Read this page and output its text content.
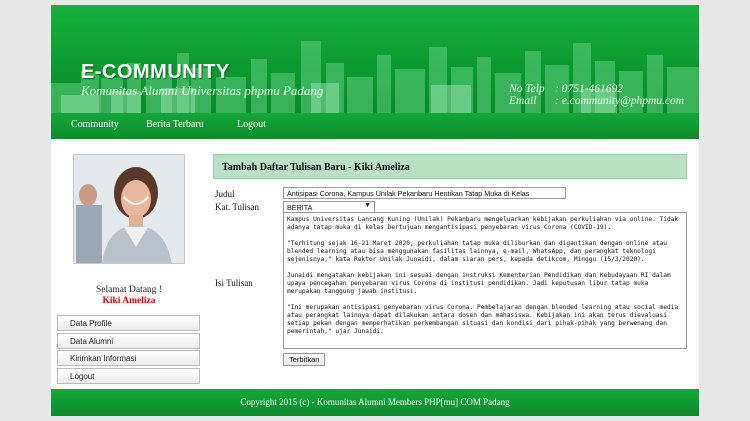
E-COMMUNITY
Komunitas Alumni Universitas phpmu Padang	No Telp : 0751-461692
Email : e.community@phpmu.com
Community	Berita Terbaru	Logout
Selamat Datang !
Kiki Ameliza
Data Profile
Data Alumni
Kirimkan Informasi
Logout
Tambah Daftar Tulisan Baru - Kiki Ameliza
Judul	Antisipasi Corona, Kampus Unilak Pekanbaru Hentikan Tatap Muka di Kelas
Kat. Tulisan	BERITA	▼
Isi Tulisan

Kampus Universitas Lancang Kuning (Unilak) Pekanbaru mengeluarkan kebijakan perkuliahan via online. Tidak adanya tatap muka di kelas bertujuan mengantisipasi penyebaran virus Corona (COVID-19).

"Terhitung sejak 16-21 Maret 2020, perkuliahan tatap muka diliburkan dan digantikan dengan online atau blended learning atau bisa menggunakan fasilitas lainnya, e-mail, WhatsApp, dan perangkat teknologi sejenisnya," kata Rektor Unilak Junaidi, dalam siaran pers, kepada detikcom, Minggu (15/3/2020).

Junaidi mengatakan kebijakan ini sesuai dengan instruksi Kementerian Pendidikan dan Kebudayaan RI dalam upaya pencegahan penyebaran virus Corona di institusi pendidikan. Jadi keputusan libur tatap muka merupakan tanggung jawab institusi.

"Ini merupakan antisipasi penyebaran virus Corona. Pembelajaran dengan blended learning atau social media atau perangkat lainnya dapat dilakukan antara dosen dan mahasiswa. Kebijakan ini akan terus dievaluasi setiap pekan dengan memperhatikan perkembangan situasi dan kondisi dari pihak-pihak yang berwenang dan pemerintah," ujar Junaidi.

Terbitkan
Copyright 2015 (c) - Komunitas Alumni Members PHP[mu] COM Padang
